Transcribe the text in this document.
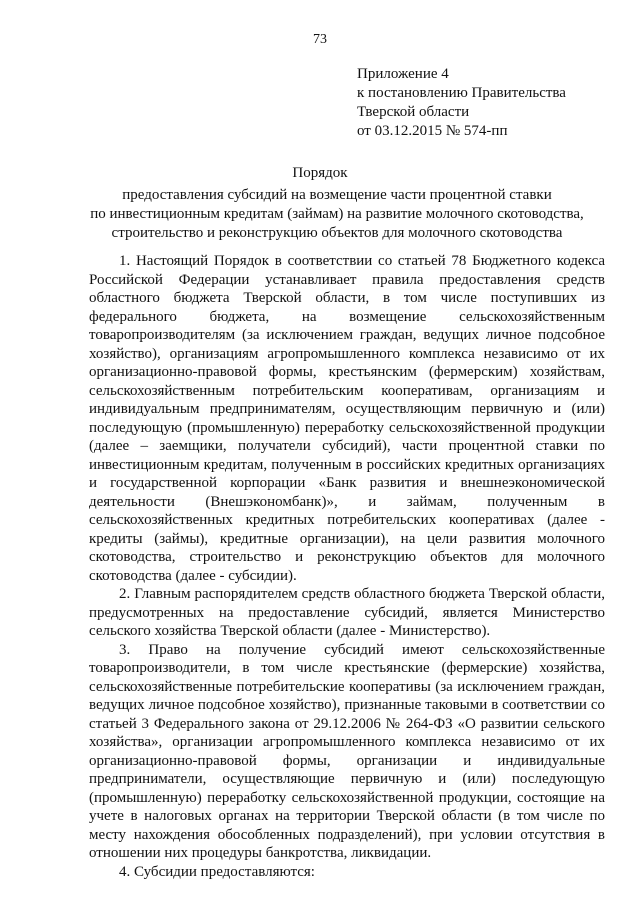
73
Приложение 4
к постановлению Правительства
Тверской области
от 03.12.2015 № 574-пп
Порядок
предоставления субсидий на возмещение части процентной ставки
по инвестиционным кредитам (займам) на развитие молочного скотоводства,
строительство и реконструкцию объектов для молочного скотоводства

1. Настоящий Порядок в соответствии со статьей 78 Бюджетного кодекса Российской Федерации устанавливает правила предоставления средств областного бюджета Тверской области, в том числе поступивших из федерального бюджета, на возмещение сельскохозяйственным товаропроизводителям (за исключением граждан, ведущих личное подсобное хозяйство), организациям агропромышленного комплекса независимо от их организационно-правовой формы, крестьянским (фермерским) хозяйствам, сельскохозяйственным потребительским кооперативам, организациям и индивидуальным предпринимателям, осуществляющим первичную и (или) последующую (промышленную) переработку сельскохозяйственной продукции (далее – заемщики, получатели субсидий), части процентной ставки по инвестиционным кредитам, полученным в российских кредитных организациях и государственной корпорации «Банк развития и внешнеэкономической деятельности (Внешэкономбанк)», и займам, полученным в сельскохозяйственных кредитных потребительских кооперативах (далее - кредиты (займы), кредитные организации), на цели развития молочного скотоводства, строительство и реконструкцию объектов для молочного скотоводства (далее - субсидии).

2. Главным распорядителем средств областного бюджета Тверской области, предусмотренных на предоставление субсидий, является Министерство сельского хозяйства Тверской области (далее - Министерство).

3. Право на получение субсидий имеют сельскохозяйственные товаропроизводители, в том числе крестьянские (фермерские) хозяйства, сельскохозяйственные потребительские кооперативы (за исключением граждан, ведущих личное подсобное хозяйство), признанные таковыми в соответствии со статьей 3 Федерального закона от 29.12.2006 № 264-ФЗ «О развитии сельского хозяйства», организации агропромышленного комплекса независимо от их организационно-правовой формы, организации и индивидуальные предприниматели, осуществляющие первичную и (или) последующую (промышленную) переработку сельскохозяйственной продукции, состоящие на учете в налоговых органах на территории Тверской области (в том числе по месту нахождения обособленных подразделений), при условии отсутствия в отношении них процедуры банкротства, ликвидации.

4. Субсидии предоставляются:
